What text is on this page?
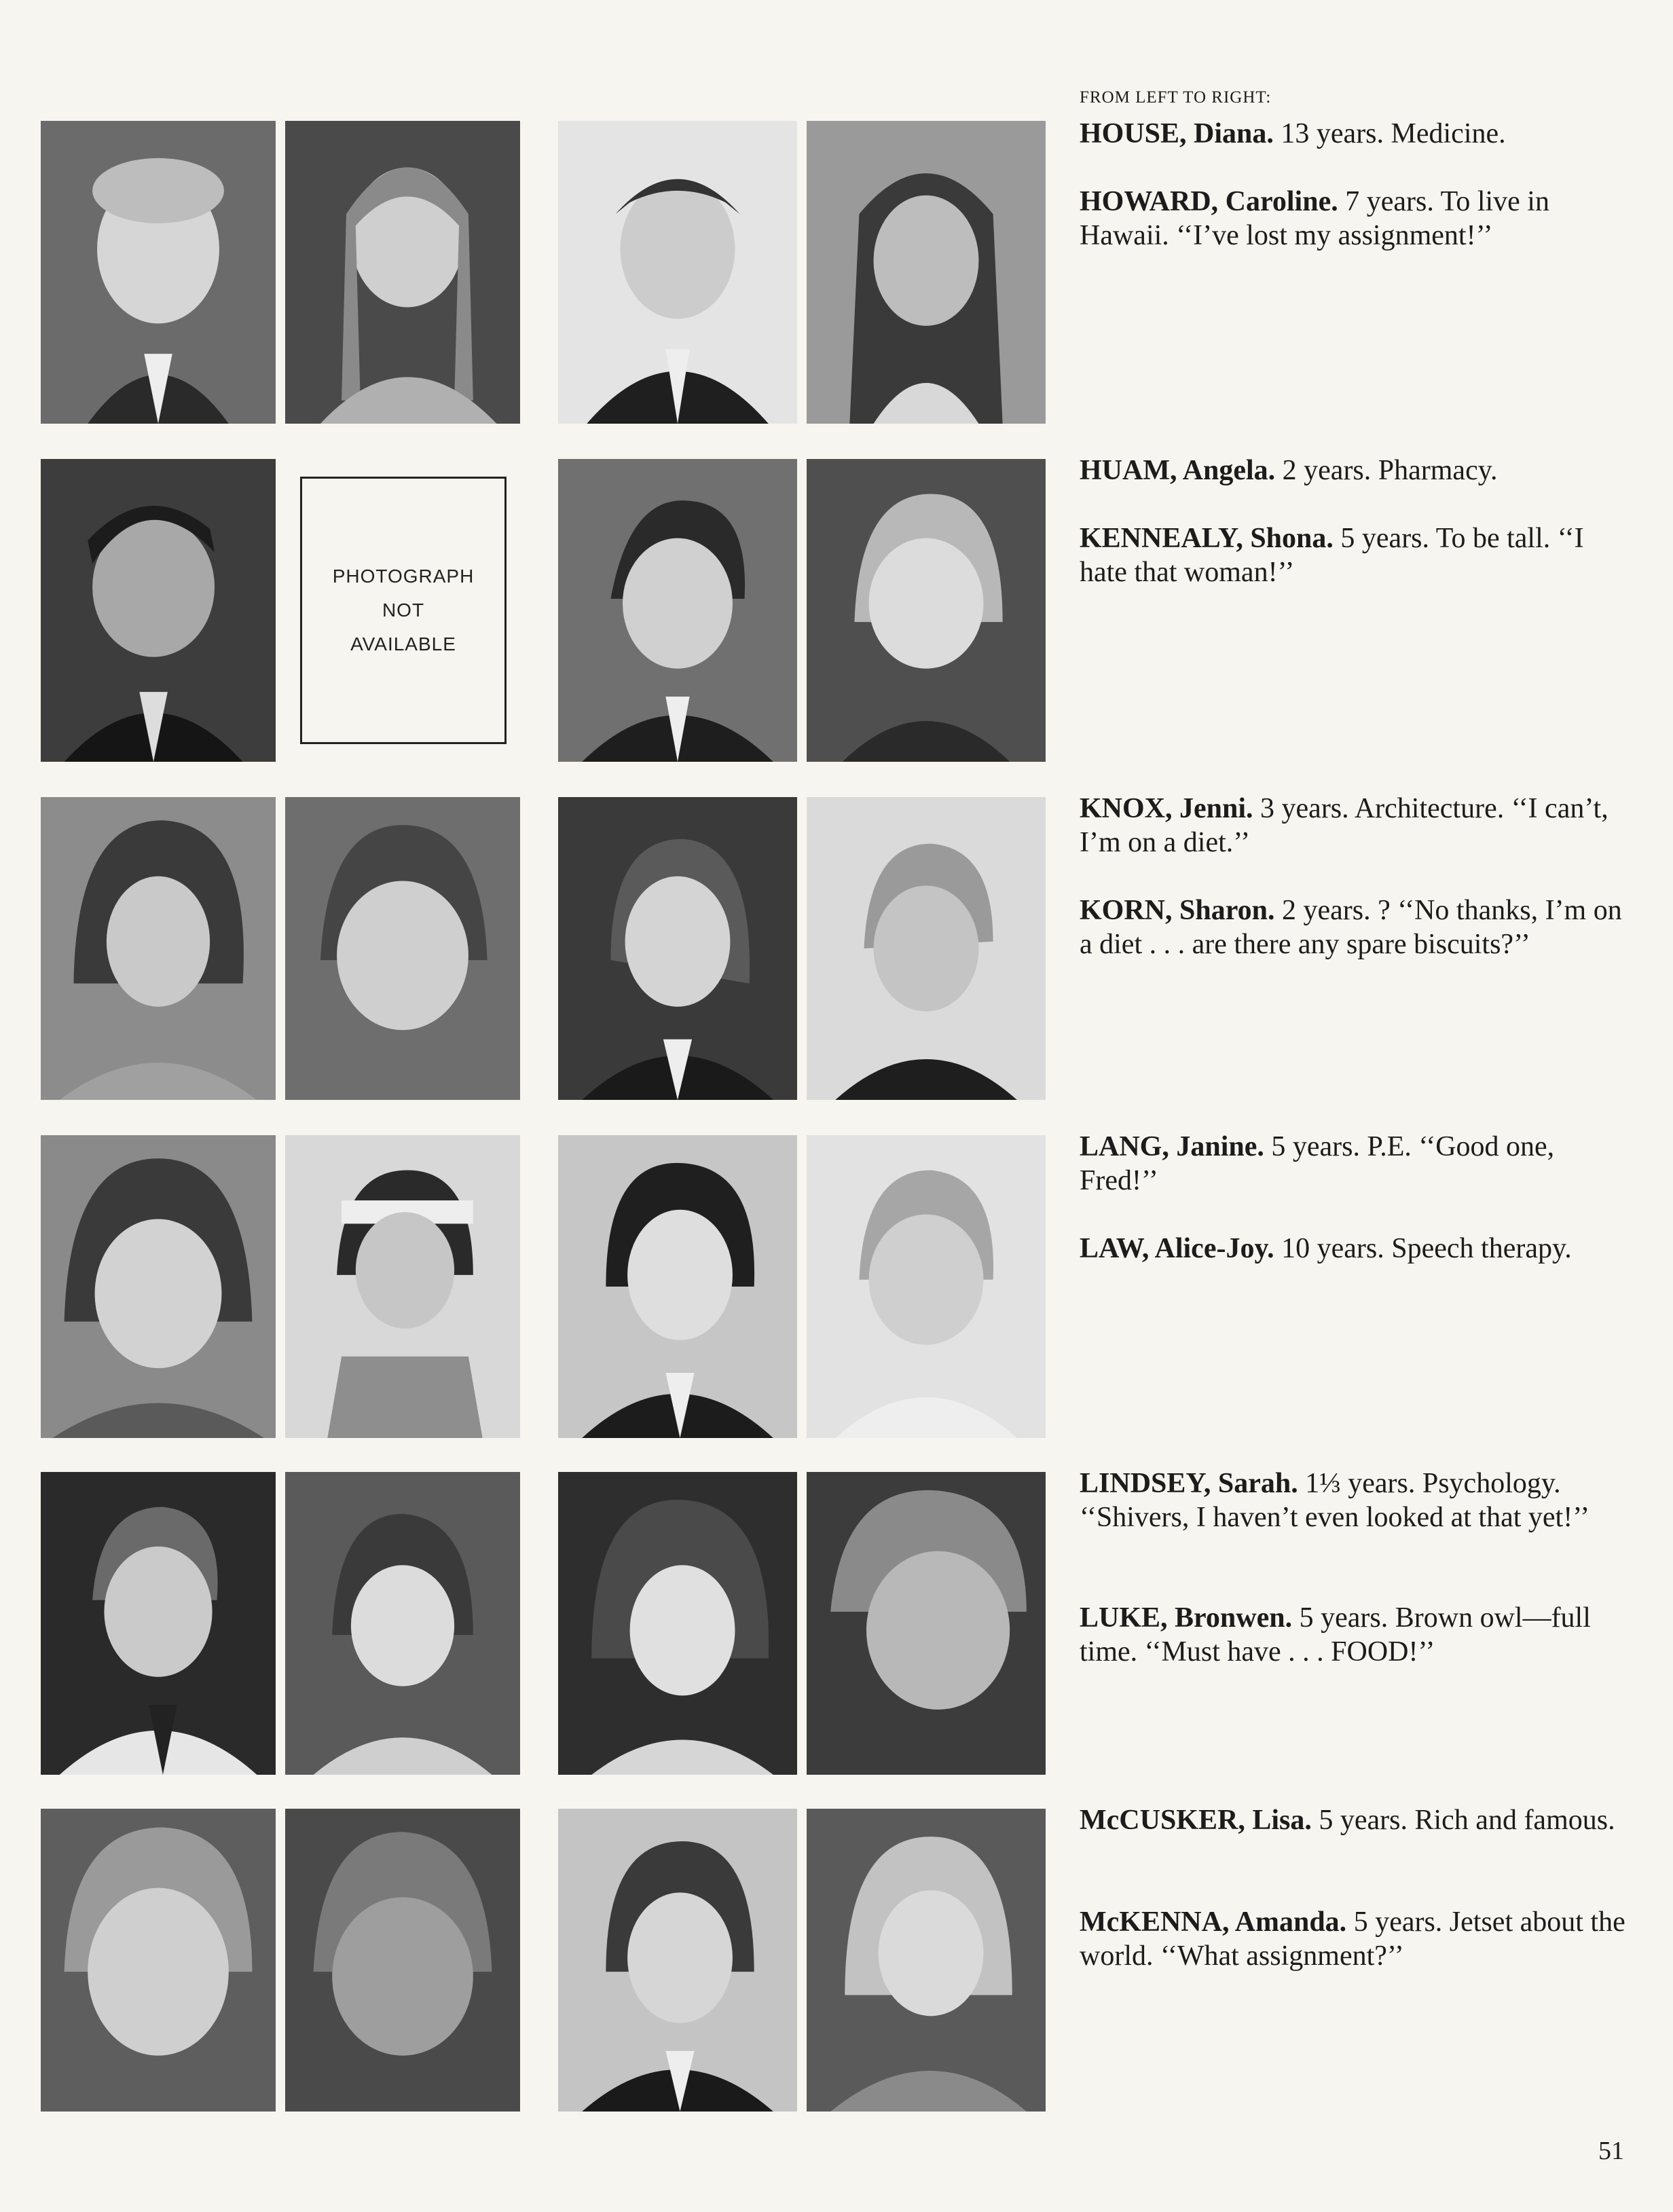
PHOTOGRAPH
NOT
AVAILABLE
FROM LEFT TO RIGHT:
HOUSE, Diana. 13 years. Medicine.
HOWARD, Caroline. 7 years. To live in Hawaii. ‘‘I’ve lost my assignment!’’
HUAM, Angela. 2 years. Pharmacy.
KENNEALY, Shona. 5 years. To be tall. ‘‘I hate that woman!’’
KNOX, Jenni. 3 years. Architecture. ‘‘I can’t, I’m on a diet.’’
KORN, Sharon. 2 years. ? ‘‘No thanks, I’m on a diet . . . are there any spare biscuits?’’
LANG, Janine. 5 years. P.E. ‘‘Good one, Fred!’’
LAW, Alice-Joy. 10 years. Speech therapy.
LINDSEY, Sarah. 1⅓ years. Psychology. ‘‘Shivers, I haven’t even looked at that yet!’’
LUKE, Bronwen. 5 years. Brown owl—full time. ‘‘Must have . . . FOOD!’’
McCUSKER, Lisa. 5 years. Rich and famous.
McKENNA, Amanda. 5 years. Jetset about the world. ‘‘What assignment?’’
51
